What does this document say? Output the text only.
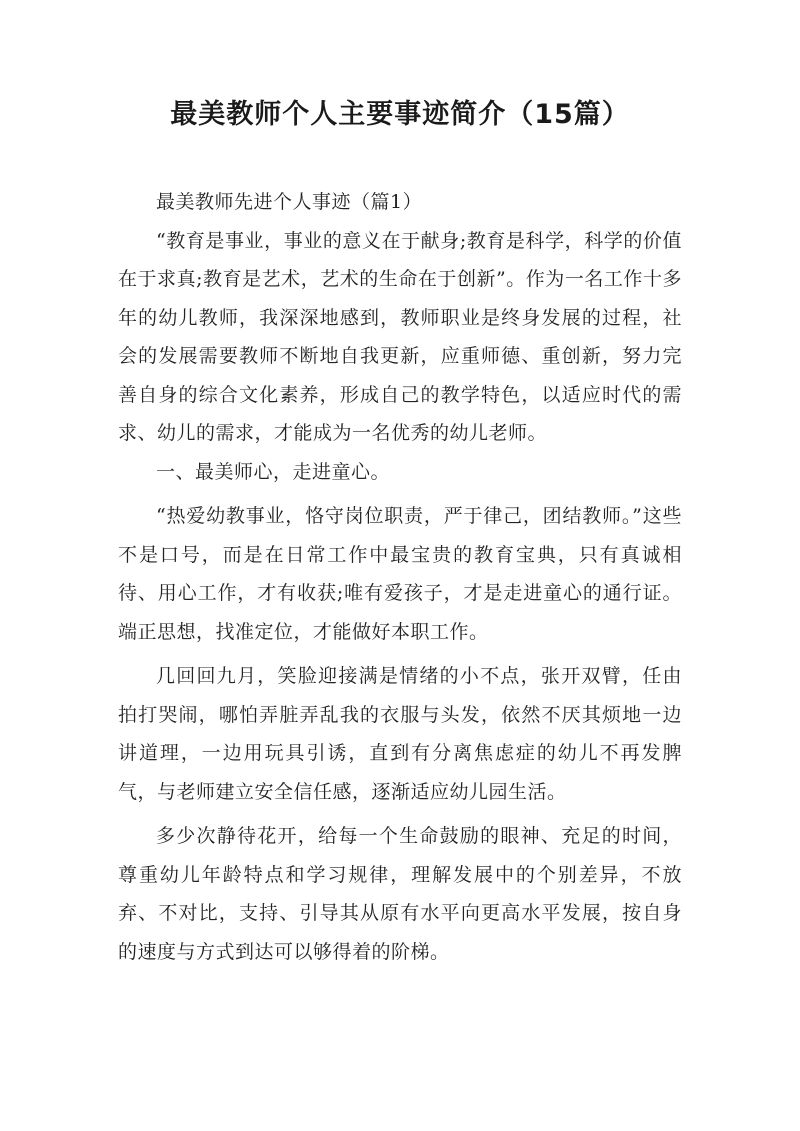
最美教师个人主要事迹简介（15篇）

最美教师先进个人事迹（篇1）

“教育是事业，事业的意义在于献身;教育是科学，科学的价值在于求真;教育是艺术，艺术的生命在于创新”。作为一名工作十多年的幼儿教师，我深深地感到，教师职业是终身发展的过程，社会的发展需要教师不断地自我更新，应重师德、重创新，努力完善自身的综合文化素养，形成自己的教学特色，以适应时代的需求、幼儿的需求，才能成为一名优秀的幼儿老师。

一、最美师心，走进童心。

“热爱幼教事业，恪守岗位职责，严于律己，团结教师。”这些不是口号，而是在日常工作中最宝贵的教育宝典，只有真诚相待、用心工作，才有收获;唯有爱孩子，才是走进童心的通行证。端正思想，找准定位，才能做好本职工作。

几回回九月，笑脸迎接满是情绪的小不点，张开双臂，任由拍打哭闹，哪怕弄脏弄乱我的衣服与头发，依然不厌其烦地一边讲道理，一边用玩具引诱，直到有分离焦虑症的幼儿不再发脾气，与老师建立安全信任感，逐渐适应幼儿园生活。

多少次静待花开，给每一个生命鼓励的眼神、充足的时间，尊重幼儿年龄特点和学习规律，理解发展中的个别差异，不放弃、不对比，支持、引导其从原有水平向更高水平发展，按自身的速度与方式到达可以够得着的阶梯。
